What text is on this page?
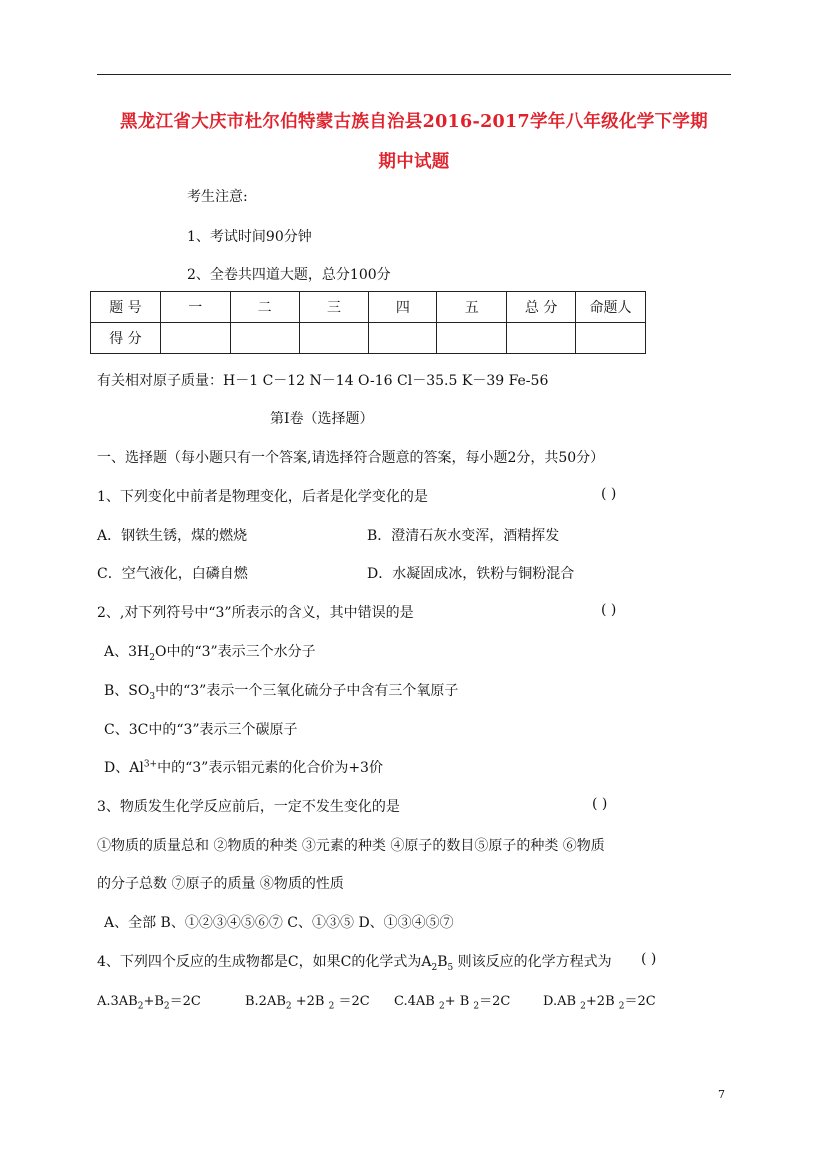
黑龙江省大庆市杜尔伯特蒙古族自治县2016-2017学年八年级化学下学期
期中试题
考生注意:
1、考试时间90分钟
2、全卷共四道大题，总分100分
题 号	一	二	三	四	五	总 分	命题人
得 分							
有关相对原子质量：H－1 C－12 N－14 O-16 Cl－35.5 K－39 Fe-56
第Ⅰ卷（选择题）
一、选择题（每小题只有一个答案,请选择符合题意的答案，每小题2分，共50分）
1、下列变化中前者是物理变化，后者是化学变化的是	( )
A．钢铁生锈，煤的燃烧	B．澄清石灰水变浑，酒精挥发
C．空气液化，白磷自燃	D．水凝固成冰，铁粉与铜粉混合
2、,对下列符号中“3”所表示的含义，其中错误的是	( )
A、$3H_2O$中的“3”表示三个水分子
B、$SO_3$中的“3”表示一个三氧化硫分子中含有三个氧原子
C、3C中的“3”表示三个碳原子
D、$Al^{3+}$中的“3”表示铝元素的化合价为+3价
3、物质发生化学反应前后，一定不发生变化的是	( )
①物质的质量总和 ②物质的种类 ③元素的种类 ④原子的数目⑤原子的种类 ⑥物质
的分子总数 ⑦原子的质量 ⑧物质的性质
A、全部 B、①②③④⑤⑥⑦ C、①③⑤ D、①③④⑤⑦
4、下列四个反应的生成物都是C，如果C的化学式为$A_2B_5$ 则该反应的化学方程式为 ( )
$A.3AB_2+B_2=2C$	$B.2AB_2 +2B$ $_2$ ＝2C C.4AB $_2$+ B $_2$＝2C	D.AB $_2$+2B $_2$＝2C
7
